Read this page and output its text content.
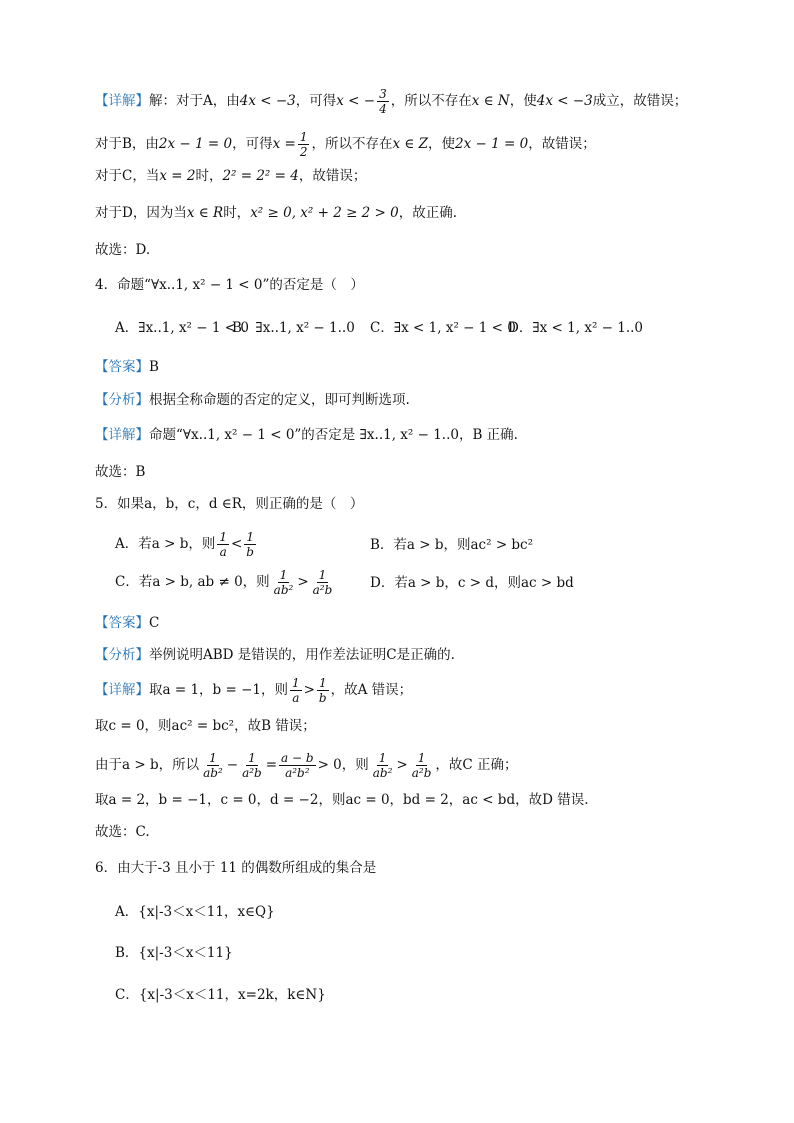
【详解】解：对于A，由4x < −3，可得x < − $\frac{3}{4}$ ，所以不存在x ∈ N，使4x < −3成立，故错误；
对于B，由2x − 1 = 0，可得$x = \frac{1}{2}$ ，所以不存在x ∈ Z，使2x − 1 = 0，故错误；
对于C，当x = 2时，2² = 2² = 4，故错误；
对于D，因为当x ∈ R时，x² ≥ 0, x² + 2 ≥ 2 > 0，故正确.
故选：D.
4．命题“∀x..1, x² − 1 < 0”的否定是（　）
A．∃x..1, x² − 1 < 0
B．∃x..1, x² − 1..0 C．∃x < 1, x² − 1 < 0
D．∃x < 1, x² − 1..0
【答案】B
【分析】根据全称命题的否定的定义，即可判断选项.
【详解】命题“∀x..1, x² − 1 < 0”的否定是 ∃x..1, x² − 1..0，B 正确.
故选：B
5．如果a，b，c，d ∈R，则正确的是（　）
A．若a > b，则 $\frac{1}{a} < \frac{1}{b}$	B．若a > b，则ac² > bc²
C．若a > b, ab ≠ 0，则 $\frac{1}{\text{ab²}} > \frac{1}{\text{a²b}}$	D．若a > b，c > d，则ac > bd
【答案】C
【分析】举例说明ABD 是错误的，用作差法证明C是正确的.
【详解】取a = 1，b = −1，则 $\frac{1}{a} > \frac{1}{b}$ ，故A 错误；
取c = 0，则ac² = bc²，故B 错误；
由于a > b，所以 $\frac{1}{\text{ab²}} - \frac{1}{\text{a²b}} = \frac{a - b}{\text{a²b²}} > 0$，则 $\frac{1}{\text{ab²}} > \frac{1}{\text{a²b}}$ ，故C 正确；
取a = 2，b = −1，c = 0，d = −2，则ac = 0，bd = 2，ac < bd，故D 错误.
故选：C.
6．由大于-3 且小于 11 的偶数所组成的集合是
A．{x|-3＜x＜11，x∈Q}
B．{x|-3＜x＜11}
C．{x|-3＜x＜11，x=2k，k∈N}
